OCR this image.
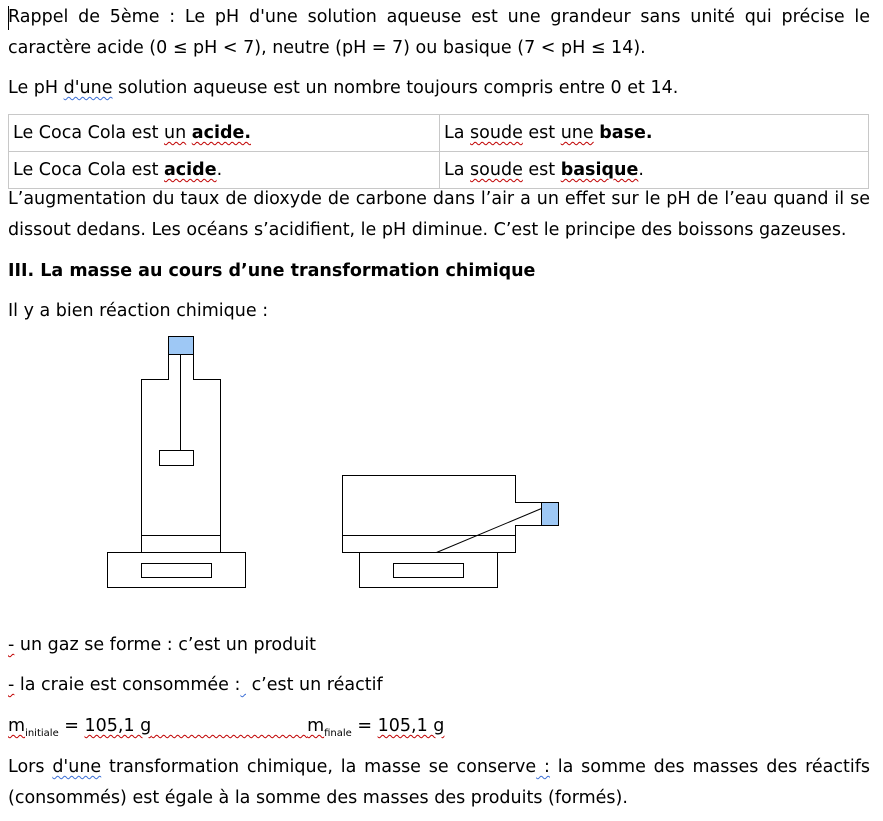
Rappel de 5ème : Le pH d'une solution aqueuse est une grandeur sans unité qui précise le caractère acide (0 ≤ pH < 7), neutre (pH = 7) ou basique (7 < pH ≤ 14).
Le pH d'une solution aqueuse est un nombre toujours compris entre 0 et 14.
Le Coca Cola est un acide.	La soude est une base.
Le Coca Cola est acide.	La soude est basique.
L’augmentation du taux de dioxyde de carbone dans l’air a un effet sur le pH de l’eau quand il se dissout dedans. Les océans s’acidifient, le pH diminue. C’est le principe des boissons gazeuses.
III. La masse au cours d’une transformation chimique
Il y a bien réaction chimique :
- un gaz se forme : c’est un produit
- la craie est consommée :  c’est un réactif
$m_{initiale} = 105,1$ g	$m_{finale} = 105,1$ g
Lors d'une transformation chimique, la masse se conserve : la somme des masses des réactifs (consommés) est égale à la somme des masses des produits (formés).
